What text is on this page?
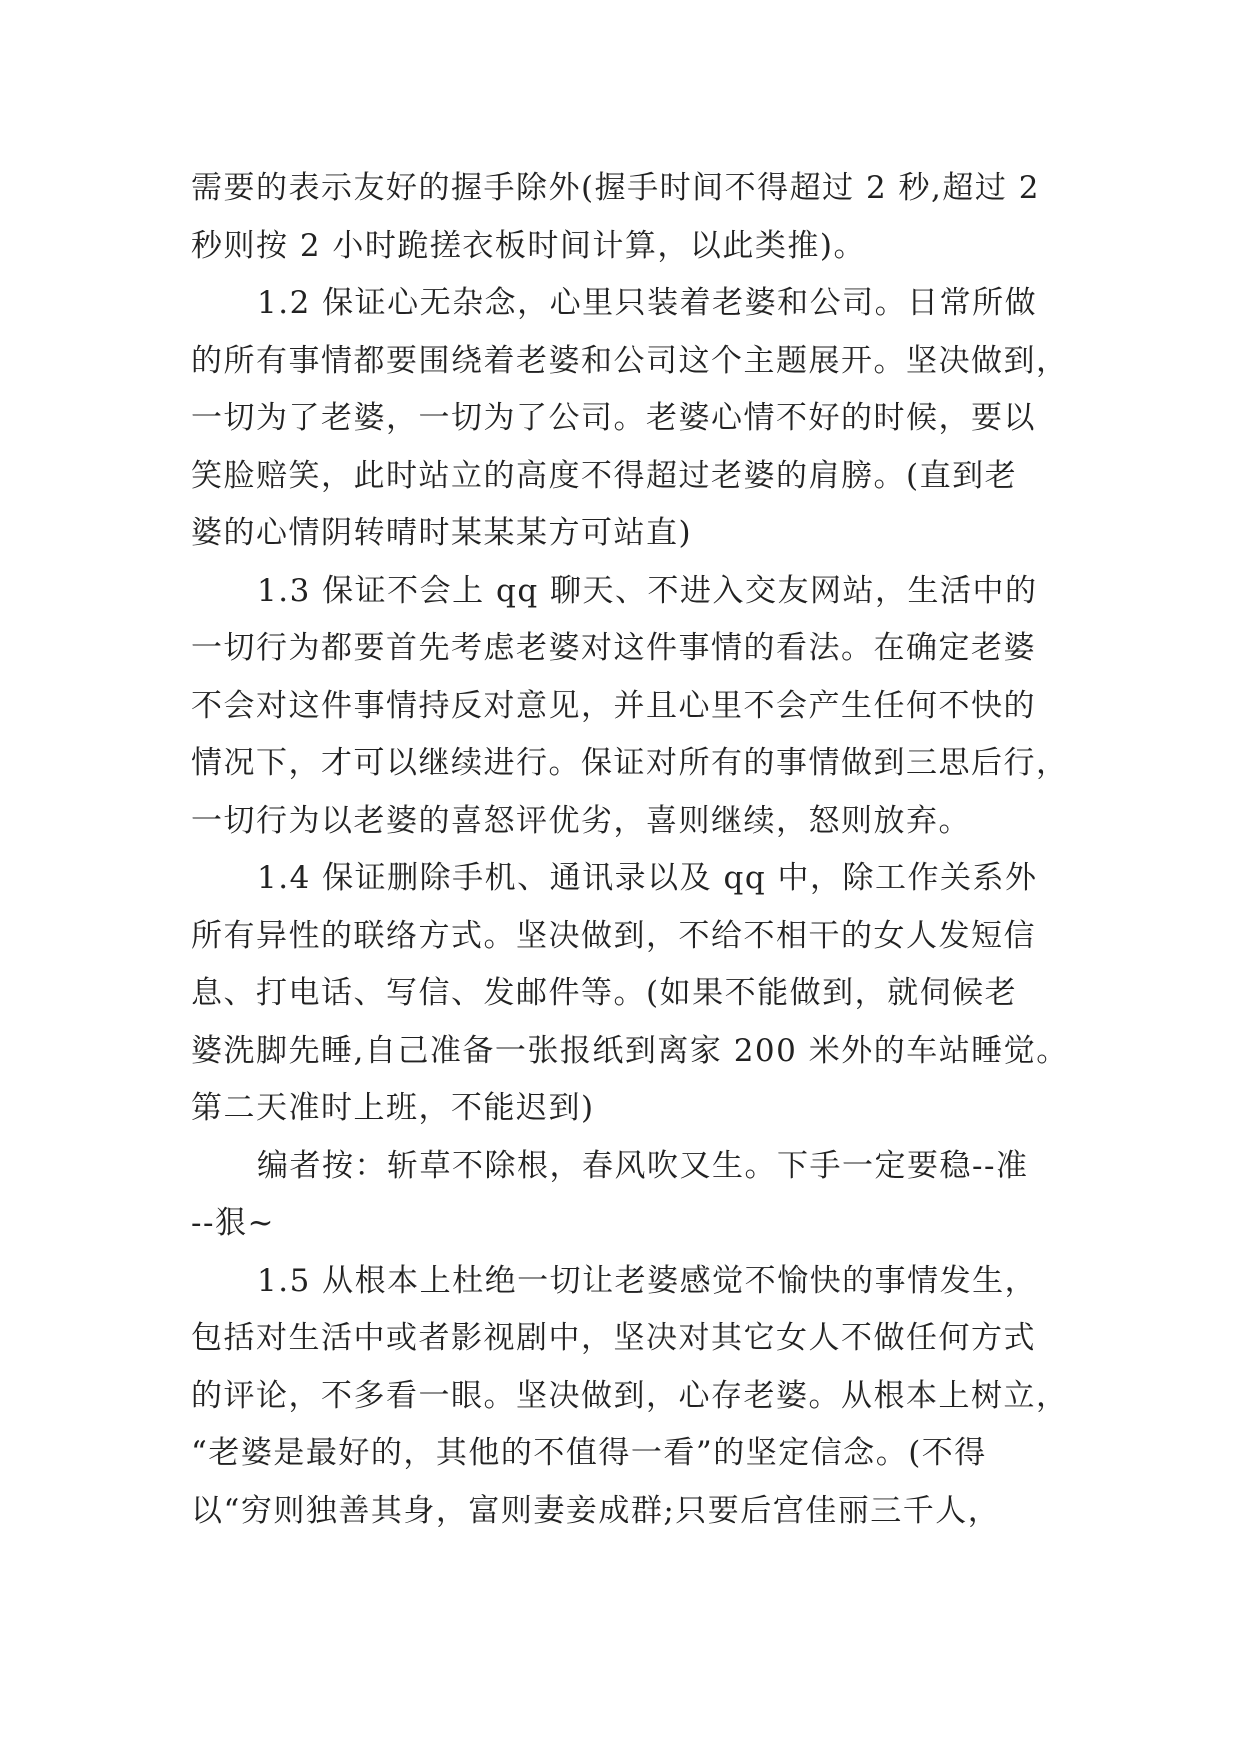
需要的表示友好的握手除外(握手时间不得超过 2 秒,超过 2
秒则按 2 小时跪搓衣板时间计算，以此类推)。
1.2 保证心无杂念，心里只装着老婆和公司。日常所做
的所有事情都要围绕着老婆和公司这个主题展开。坚决做到，
一切为了老婆，一切为了公司。老婆心情不好的时候，要以
笑脸赔笑，此时站立的高度不得超过老婆的肩膀。(直到老
婆的心情阴转晴时某某某方可站直)
1.3 保证不会上 qq 聊天、不进入交友网站，生活中的
一切行为都要首先考虑老婆对这件事情的看法。在确定老婆
不会对这件事情持反对意见，并且心里不会产生任何不快的
情况下，才可以继续进行。保证对所有的事情做到三思后行，
一切行为以老婆的喜怒评优劣，喜则继续，怒则放弃。
1.4 保证删除手机、通讯录以及 qq 中，除工作关系外
所有异性的联络方式。坚决做到，不给不相干的女人发短信
息、打电话、写信、发邮件等。(如果不能做到，就伺候老
婆洗脚先睡,自己准备一张报纸到离家 200 米外的车站睡觉。
第二天准时上班，不能迟到)
编者按：斩草不除根，春风吹又生。下手一定要稳--准
--狠~
1.5 从根本上杜绝一切让老婆感觉不愉快的事情发生，
包括对生活中或者影视剧中，坚决对其它女人不做任何方式
的评论，不多看一眼。坚决做到，心存老婆。从根本上树立，
“老婆是最好的，其他的不值得一看”的坚定信念。(不得
以“穷则独善其身，富则妻妾成群;只要后宫佳丽三千人，
